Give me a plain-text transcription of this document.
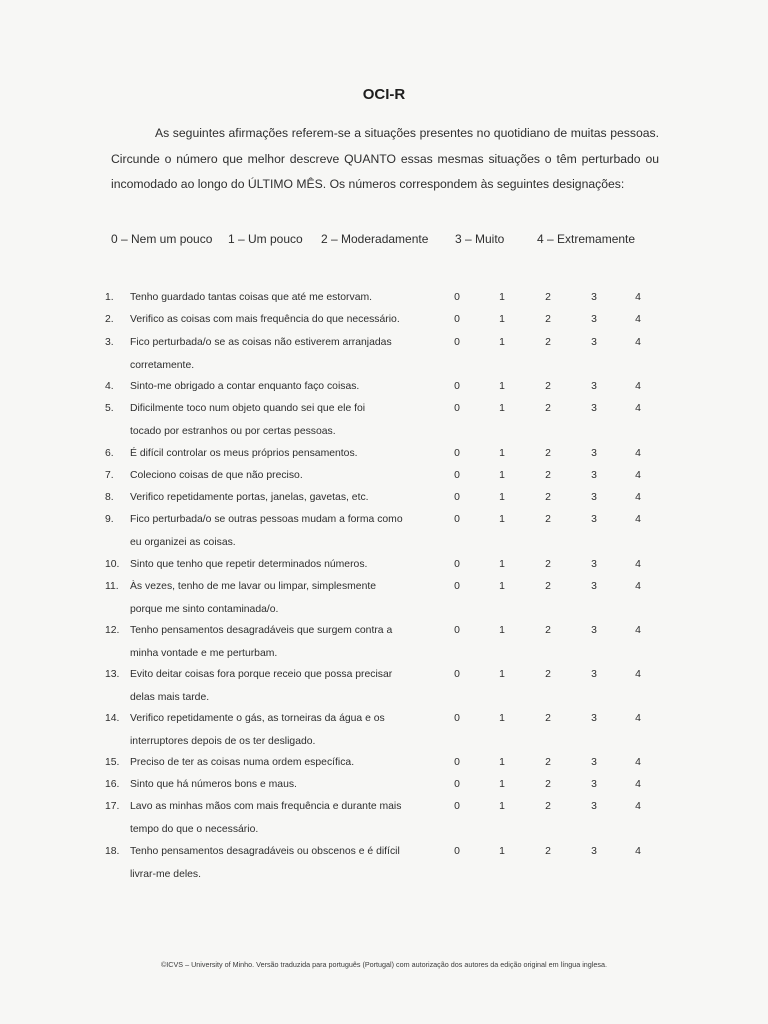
OCI-R
As seguintes afirmações referem-se a situações presentes no quotidiano de muitas pessoas. Circunde o número que melhor descreve QUANTO essas mesmas situações o têm perturbado ou incomodado ao longo do ÚLTIMO MÊS. Os números correspondem às seguintes designações:
0 – Nem um pouco 1 – Um pouco 2 – Moderadamente 3 – Muito	4 – Extremamente
1.	Tenho guardado tantas coisas que até me estorvam.	0	1	2	3	4
2.	Verifico as coisas com mais frequência do que necessário.	0	1	2	3	4
3.	Fico perturbada/o se as coisas não estiverem arranjadas
corretamente.
0	1	2	3	4
4.	Sinto-me obrigado a contar enquanto faço coisas.	0	1	2	3	4
5.	Dificilmente toco num objeto quando sei que ele foi
tocado por estranhos ou por certas pessoas.
0	1	2	3	4
6.	É difícil controlar os meus próprios pensamentos.	0	1	2	3	4
7.	Coleciono coisas de que não preciso.	0	1	2	3	4
8.	Verifico repetidamente portas, janelas, gavetas, etc.	0	1	2	3	4
9.	Fico perturbada/o se outras pessoas mudam a forma como
eu organizei as coisas.
0	1	2	3	4
10.	Sinto que tenho que repetir determinados números.	0	1	2	3	4
11.	Às vezes, tenho de me lavar ou limpar, simplesmente
porque me sinto contaminada/o.
0	1	2	3	4
12.	Tenho pensamentos desagradáveis que surgem contra a
minha vontade e me perturbam.
0	1	2	3	4
13.	Evito deitar coisas fora porque receio que possa precisar
delas mais tarde.
0	1	2	3	4
14.	Verifico repetidamente o gás, as torneiras da água e os
interruptores depois de os ter desligado.
0	1	2	3	4
15.	Preciso de ter as coisas numa ordem específica.	0	1	2	3	4
16.	Sinto que há números bons e maus.	0	1	2	3	4
17.	Lavo as minhas mãos com mais frequência e durante mais
tempo do que o necessário.
0	1	2	3	4
18.	Tenho pensamentos desagradáveis ou obscenos e é difícil
livrar-me deles.
0	1	2	3	4
©ICVS – University of Minho. Versão traduzida para português (Portugal) com autorização dos autores da edição original em língua inglesa.
